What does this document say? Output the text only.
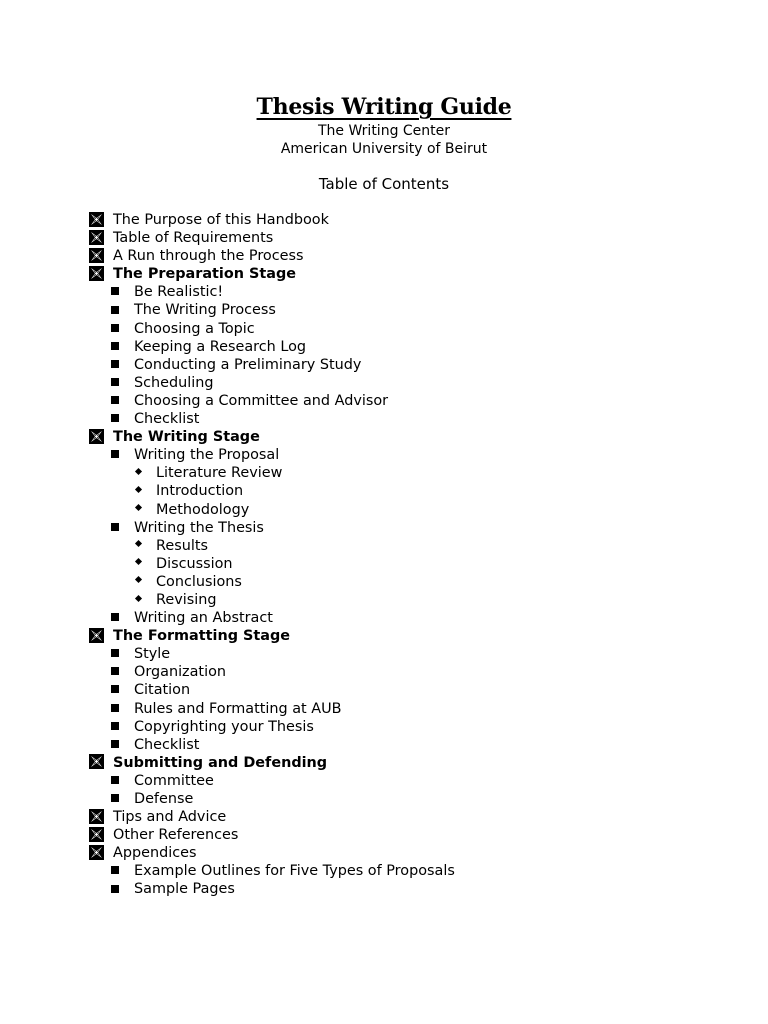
Thesis Writing Guide
The Writing Center
American University of Beirut
Table of Contents
The Purpose of this Handbook
Table of Requirements
A Run through the Process
The Preparation Stage
Be Realistic!
The Writing Process
Choosing a Topic
Keeping a Research Log
Conducting a Preliminary Study
Scheduling
Choosing a Committee and Advisor
Checklist
The Writing Stage
Writing the Proposal
Literature Review
Introduction
Methodology
Writing the Thesis
Results
Discussion
Conclusions
Revising
Writing an Abstract
The Formatting Stage
Style
Organization
Citation
Rules and Formatting at AUB
Copyrighting your Thesis
Checklist
Submitting and Defending
Committee
Defense
Tips and Advice
Other References
Appendices
Example Outlines for Five Types of Proposals
Sample Pages
